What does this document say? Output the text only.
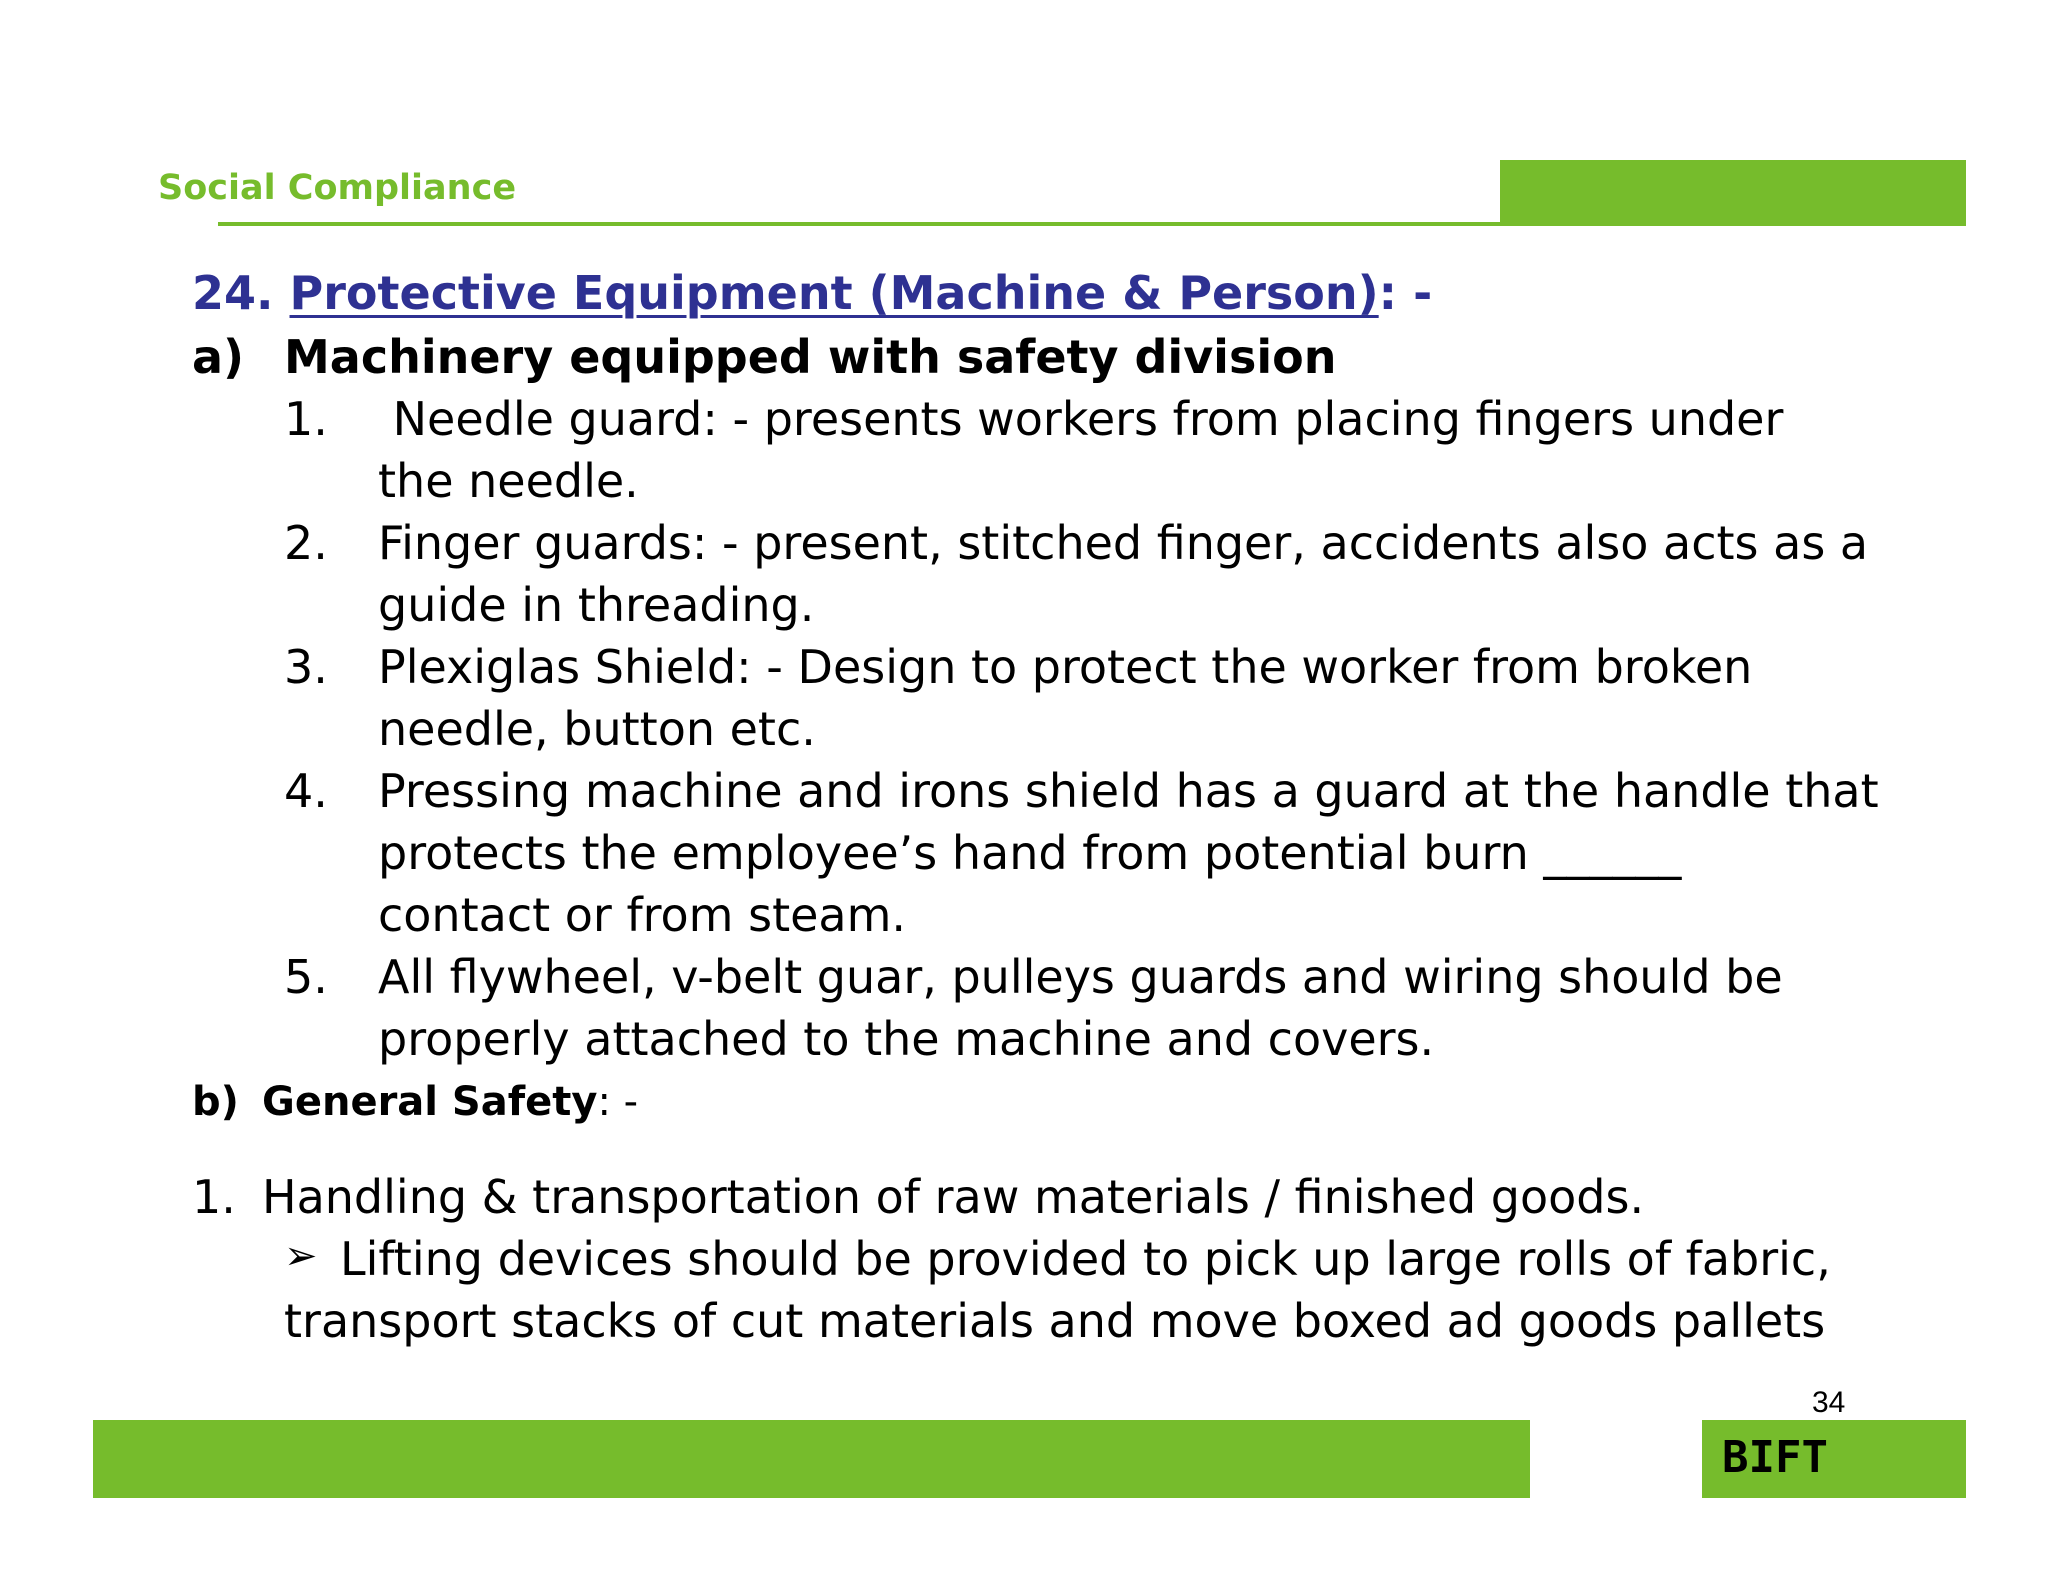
Social Compliance
24. Protective Equipment (Machine & Person): -
a) Machinery equipped with safety division
1. Needle guard: - presents workers from placing fingers under
the needle.
2. Finger guards: - present, stitched finger, accidents also acts as a
guide in threading.
3. Plexiglas Shield: - Design to protect the worker from broken
needle, button etc.
4. Pressing machine and irons shield has a guard at the handle that
protects the employee’s hand from potential burn ______
contact or from steam.
5. All flywheel, v-belt guar, pulleys guards and wiring should be
properly attached to the machine and covers.
b) General Safety: -
1. Handling & transportation of raw materials / finished goods.
➢ Lifting devices should be provided to pick up large rolls of fabric,
transport stacks of cut materials and move boxed ad goods pallets
34
BIFT
